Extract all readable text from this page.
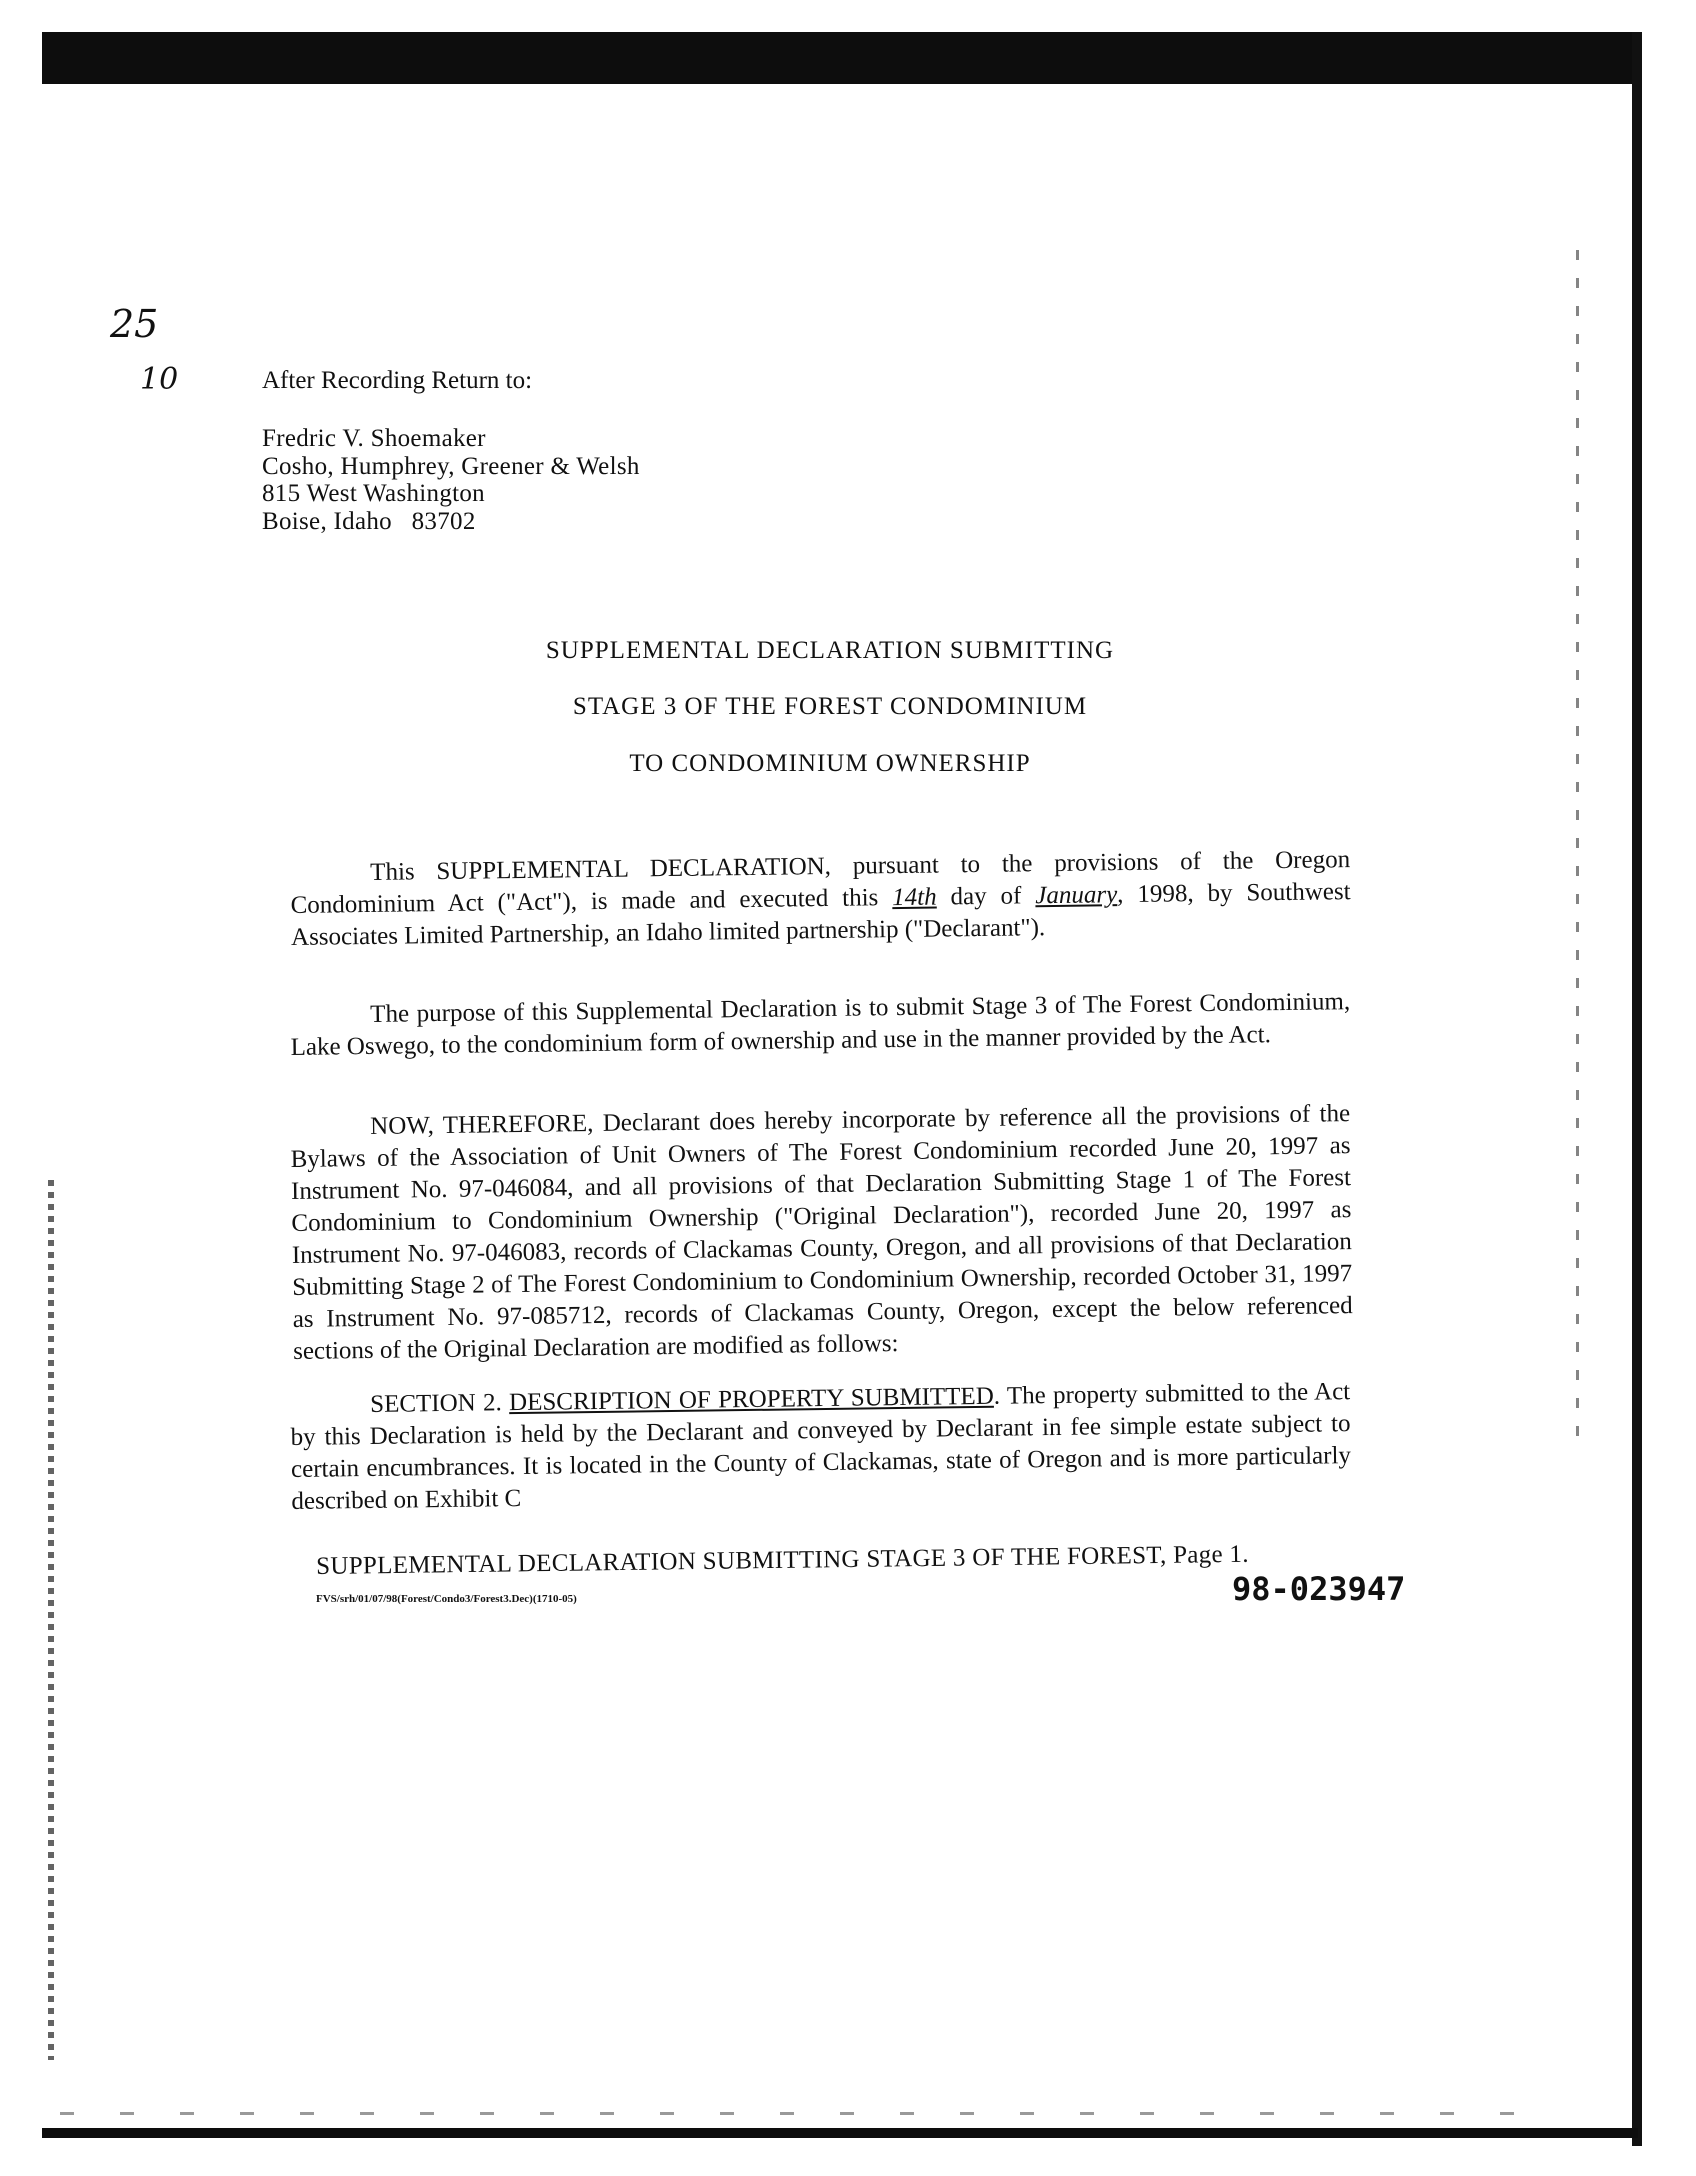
25
10	After Recording Return to:
Fredric V. Shoemaker
Cosho, Humphrey, Greener & Welsh
815 West Washington
Boise, Idaho   83702
SUPPLEMENTAL DECLARATION SUBMITTING
STAGE 3 OF THE FOREST CONDOMINIUM
TO CONDOMINIUM OWNERSHIP

This SUPPLEMENTAL DECLARATION, pursuant to the provisions of the Oregon Condominium Act ("Act"), is made and executed this 14th day of January, 1998, by Southwest Associates Limited Partnership, an Idaho limited partnership ("Declarant").

The purpose of this Supplemental Declaration is to submit Stage 3 of The Forest Condominium, Lake Oswego, to the condominium form of ownership and use in the manner provided by the Act.

NOW, THEREFORE, Declarant does hereby incorporate by reference all the provisions of the Bylaws of the Association of Unit Owners of The Forest Condominium recorded June 20, 1997 as Instrument No. 97-046084, and all provisions of that Declaration Submitting Stage 1 of The Forest Condominium to Condominium Ownership ("Original Declaration"), recorded June 20, 1997 as Instrument No. 97-046083, records of Clackamas County, Oregon, and all provisions of that Declaration Submitting Stage 2 of The Forest Condominium to Condominium Ownership, recorded October 31, 1997 as Instrument No. 97-085712, records of Clackamas County, Oregon, except the below referenced sections of the Original Declaration are modified as follows:

SECTION 2. DESCRIPTION OF PROPERTY SUBMITTED. The property submitted to the Act by this Declaration is held by the Declarant and conveyed by Declarant in fee simple estate subject to certain encumbrances. It is located in the County of Clackamas, state of Oregon and is more particularly described on Exhibit C

SUPPLEMENTAL DECLARATION SUBMITTING STAGE 3 OF THE FOREST, Page 1.
FVS/srh/01/07/98(Forest/Condo3/Forest3.Dec)(1710-05)	98-023947
